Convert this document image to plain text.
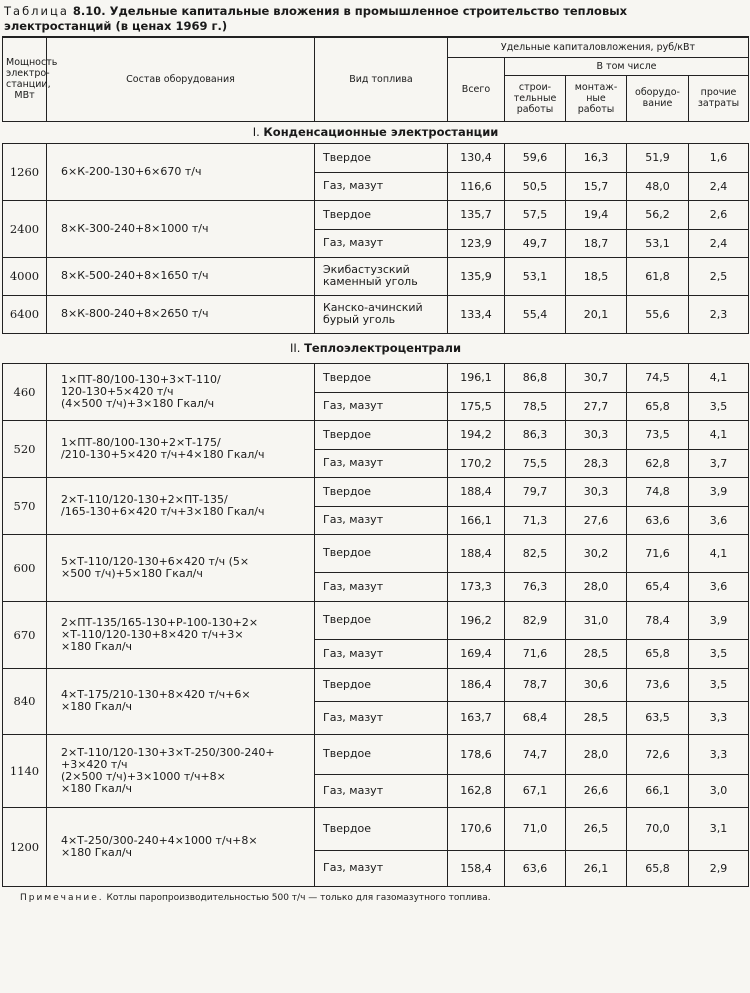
Таблица 8.10. Удельные капитальные вложения в промышленное строительство тепловых
электростанций (в ценах 1969 г.)
Мощность электро-станции, МВт	Состав оборудования	Вид топлива	Удельные капиталовложения, руб/кВт				
			Всего	В том числе			
				строи-тельные работы	монтаж-ные работы	оборудо-вание	прочие затраты
I. Конденсационные электростанции							
1260	6×К-200-130+6×670 т/ч	Твердое	130,4	59,6	16,3	51,9	1,6
		Газ, мазут	116,6	50,5	15,7	48,0	2,4
2400	8×К-300-240+8×1000 т/ч	Твердое	135,7	57,5	19,4	56,2	2,6
		Газ, мазут	123,9	49,7	18,7	53,1	2,4
4000	8×К-500-240+8×1650 т/ч	Экибастузский каменный уголь	135,9	53,1	18,5	61,8	2,5
6400	8×К-800-240+8×2650 т/ч	Канско-ачинский бурый уголь	133,4	55,4	20,1	55,6	2,3
II. Теплоэлектроцентрали							
460	1×ПТ-80/100-130+3×Т-110/
120-130+5×420 т/ч
(4×500 т/ч)+3×180 Гкал/ч	Твердое	196,1	86,8	30,7	74,5	4,1
		Газ, мазут	175,5	78,5	27,7	65,8	3,5
520	1×ПТ-80/100-130+2×Т-175/
/210-130+5×420 т/ч+4×180 Гкал/ч	Твердое	194,2	86,3	30,3	73,5	4,1
		Газ, мазут	170,2	75,5	28,3	62,8	3,7
570	2×Т-110/120-130+2×ПТ-135/
/165-130+6×420 т/ч+3×180 Гкал/ч	Твердое	188,4	79,7	30,3	74,8	3,9
		Газ, мазут	166,1	71,3	27,6	63,6	3,6
600	5×Т-110/120-130+6×420 т/ч (5×
×500 т/ч)+5×180 Гкал/ч	Твердое	188,4	82,5	30,2	71,6	4,1
		Газ, мазут	173,3	76,3	28,0	65,4	3,6
670	2×ПТ-135/165-130+Р-100-130+2×
×Т-110/120-130+8×420 т/ч+3×
×180 Гкал/ч	Твердое	196,2	82,9	31,0	78,4	3,9
		Газ, мазут	169,4	71,6	28,5	65,8	3,5
840	4×Т-175/210-130+8×420 т/ч+6×
×180 Гкал/ч	Твердое	186,4	78,7	30,6	73,6	3,5
		Газ, мазут	163,7	68,4	28,5	63,5	3,3
1140	2×Т-110/120-130+3×Т-250/300-240+
+3×420 т/ч
(2×500 т/ч)+3×1000 т/ч+8×
×180 Гкал/ч	Твердое	178,6	74,7	28,0	72,6	3,3
		Газ, мазут	162,8	67,1	26,6	66,1	3,0
1200	4×Т-250/300-240+4×1000 т/ч+8×
×180 Гкал/ч	Твердое	170,6	71,0	26,5	70,0	3,1
		Газ, мазут	158,4	63,6	26,1	65,8	2,9
Примечание. Котлы паропроизводительностью 500 т/ч — только для газомазутного топлива.
